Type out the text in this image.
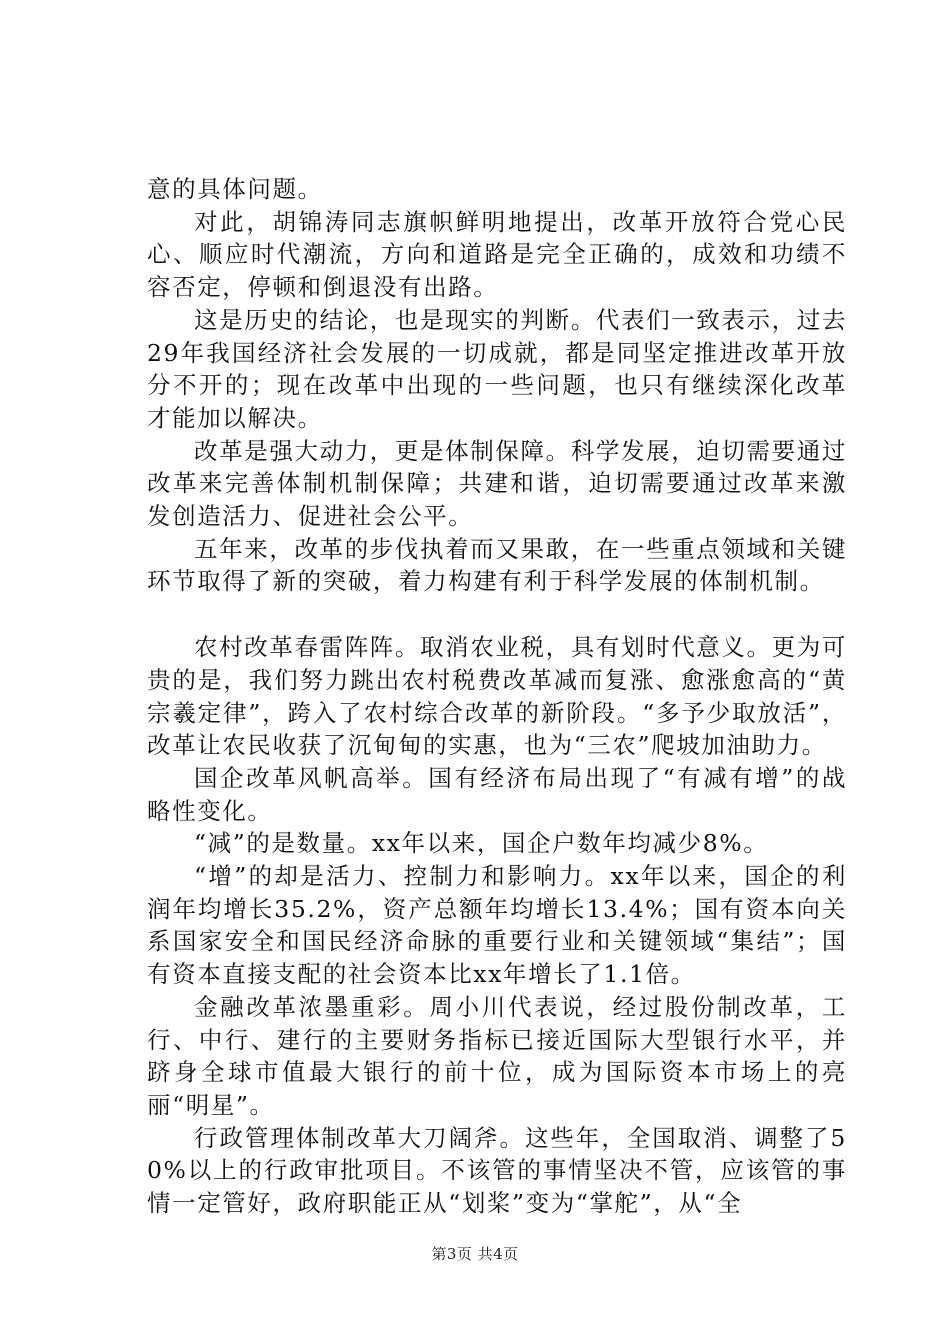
意的具体问题。

对此，胡锦涛同志旗帜鲜明地提出，改革开放符合党心民心、顺应时代潮流，方向和道路是完全正确的，成效和功绩不容否定，停顿和倒退没有出路。

这是历史的结论，也是现实的判断。代表们一致表示，过去29年我国经济社会发展的一切成就，都是同坚定推进改革开放分不开的；现在改革中出现的一些问题，也只有继续深化改革才能加以解决。

改革是强大动力，更是体制保障。科学发展，迫切需要通过改革来完善体制机制保障；共建和谐，迫切需要通过改革来激发创造活力、促进社会公平。

五年来，改革的步伐执着而又果敢，在一些重点领域和关键环节取得了新的突破，着力构建有利于科学发展的体制机制。

农村改革春雷阵阵。取消农业税，具有划时代意义。更为可贵的是，我们努力跳出农村税费改革减而复涨、愈涨愈高的“黄宗羲定律”，跨入了农村综合改革的新阶段。“多予少取放活”，改革让农民收获了沉甸甸的实惠，也为“三农”爬坡加油助力。

国企改革风帆高举。国有经济布局出现了“有减有增”的战略性变化。

“减”的是数量。xx年以来，国企户数年均减少8%。

“增”的却是活力、控制力和影响力。xx年以来，国企的利润年均增长35.2%，资产总额年均增长13.4%；国有资本向关系国家安全和国民经济命脉的重要行业和关键领域“集结”；国有资本直接支配的社会资本比xx年增长了1.1倍。

金融改革浓墨重彩。周小川代表说，经过股份制改革，工行、中行、建行的主要财务指标已接近国际大型银行水平，并跻身全球市值最大银行的前十位，成为国际资本市场上的亮丽“明星”。

行政管理体制改革大刀阔斧。这些年，全国取消、调整了50%以上的行政审批项目。不该管的事情坚决不管，应该管的事情一定管好，政府职能正从“划桨”变为“掌舵”，从“全

第3页 共4页
